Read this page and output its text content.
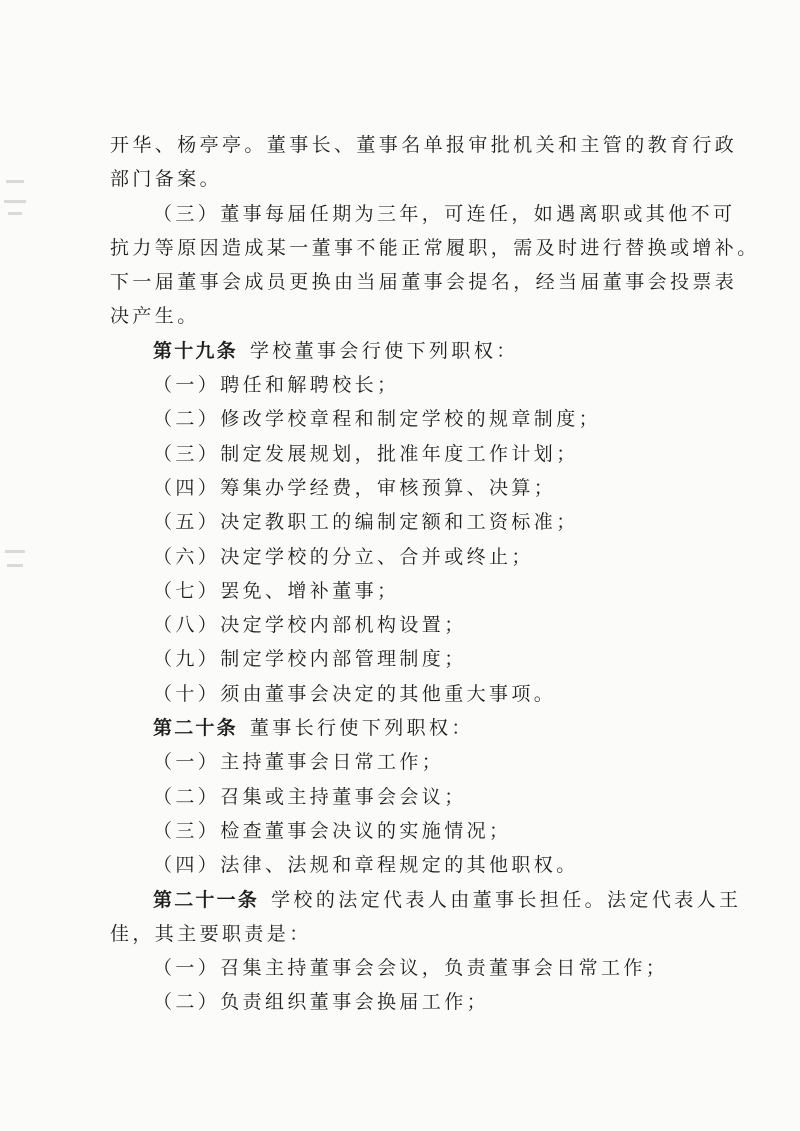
开华、杨亭亭。董事长、董事名单报审批机关和主管的教育行政
部门备案。
（三）董事每届任期为三年，可连任，如遇离职或其他不可
抗力等原因造成某一董事不能正常履职，需及时进行替换或增补。
下一届董事会成员更换由当届董事会提名，经当届董事会投票表
决产生。
第十九条 学校董事会行使下列职权：
（一）聘任和解聘校长；
（二）修改学校章程和制定学校的规章制度；
（三）制定发展规划，批准年度工作计划；
（四）筹集办学经费，审核预算、决算；
（五）决定教职工的编制定额和工资标准；
（六）决定学校的分立、合并或终止；
（七）罢免、增补董事；
（八）决定学校内部机构设置；
（九）制定学校内部管理制度；
（十）须由董事会决定的其他重大事项。
第二十条 董事长行使下列职权：
（一）主持董事会日常工作；
（二）召集或主持董事会会议；
（三）检查董事会决议的实施情况；
（四）法律、法规和章程规定的其他职权。
第二十一条 学校的法定代表人由董事长担任。法定代表人王
佳，其主要职责是：
（一）召集主持董事会会议，负责董事会日常工作；
（二）负责组织董事会换届工作；
